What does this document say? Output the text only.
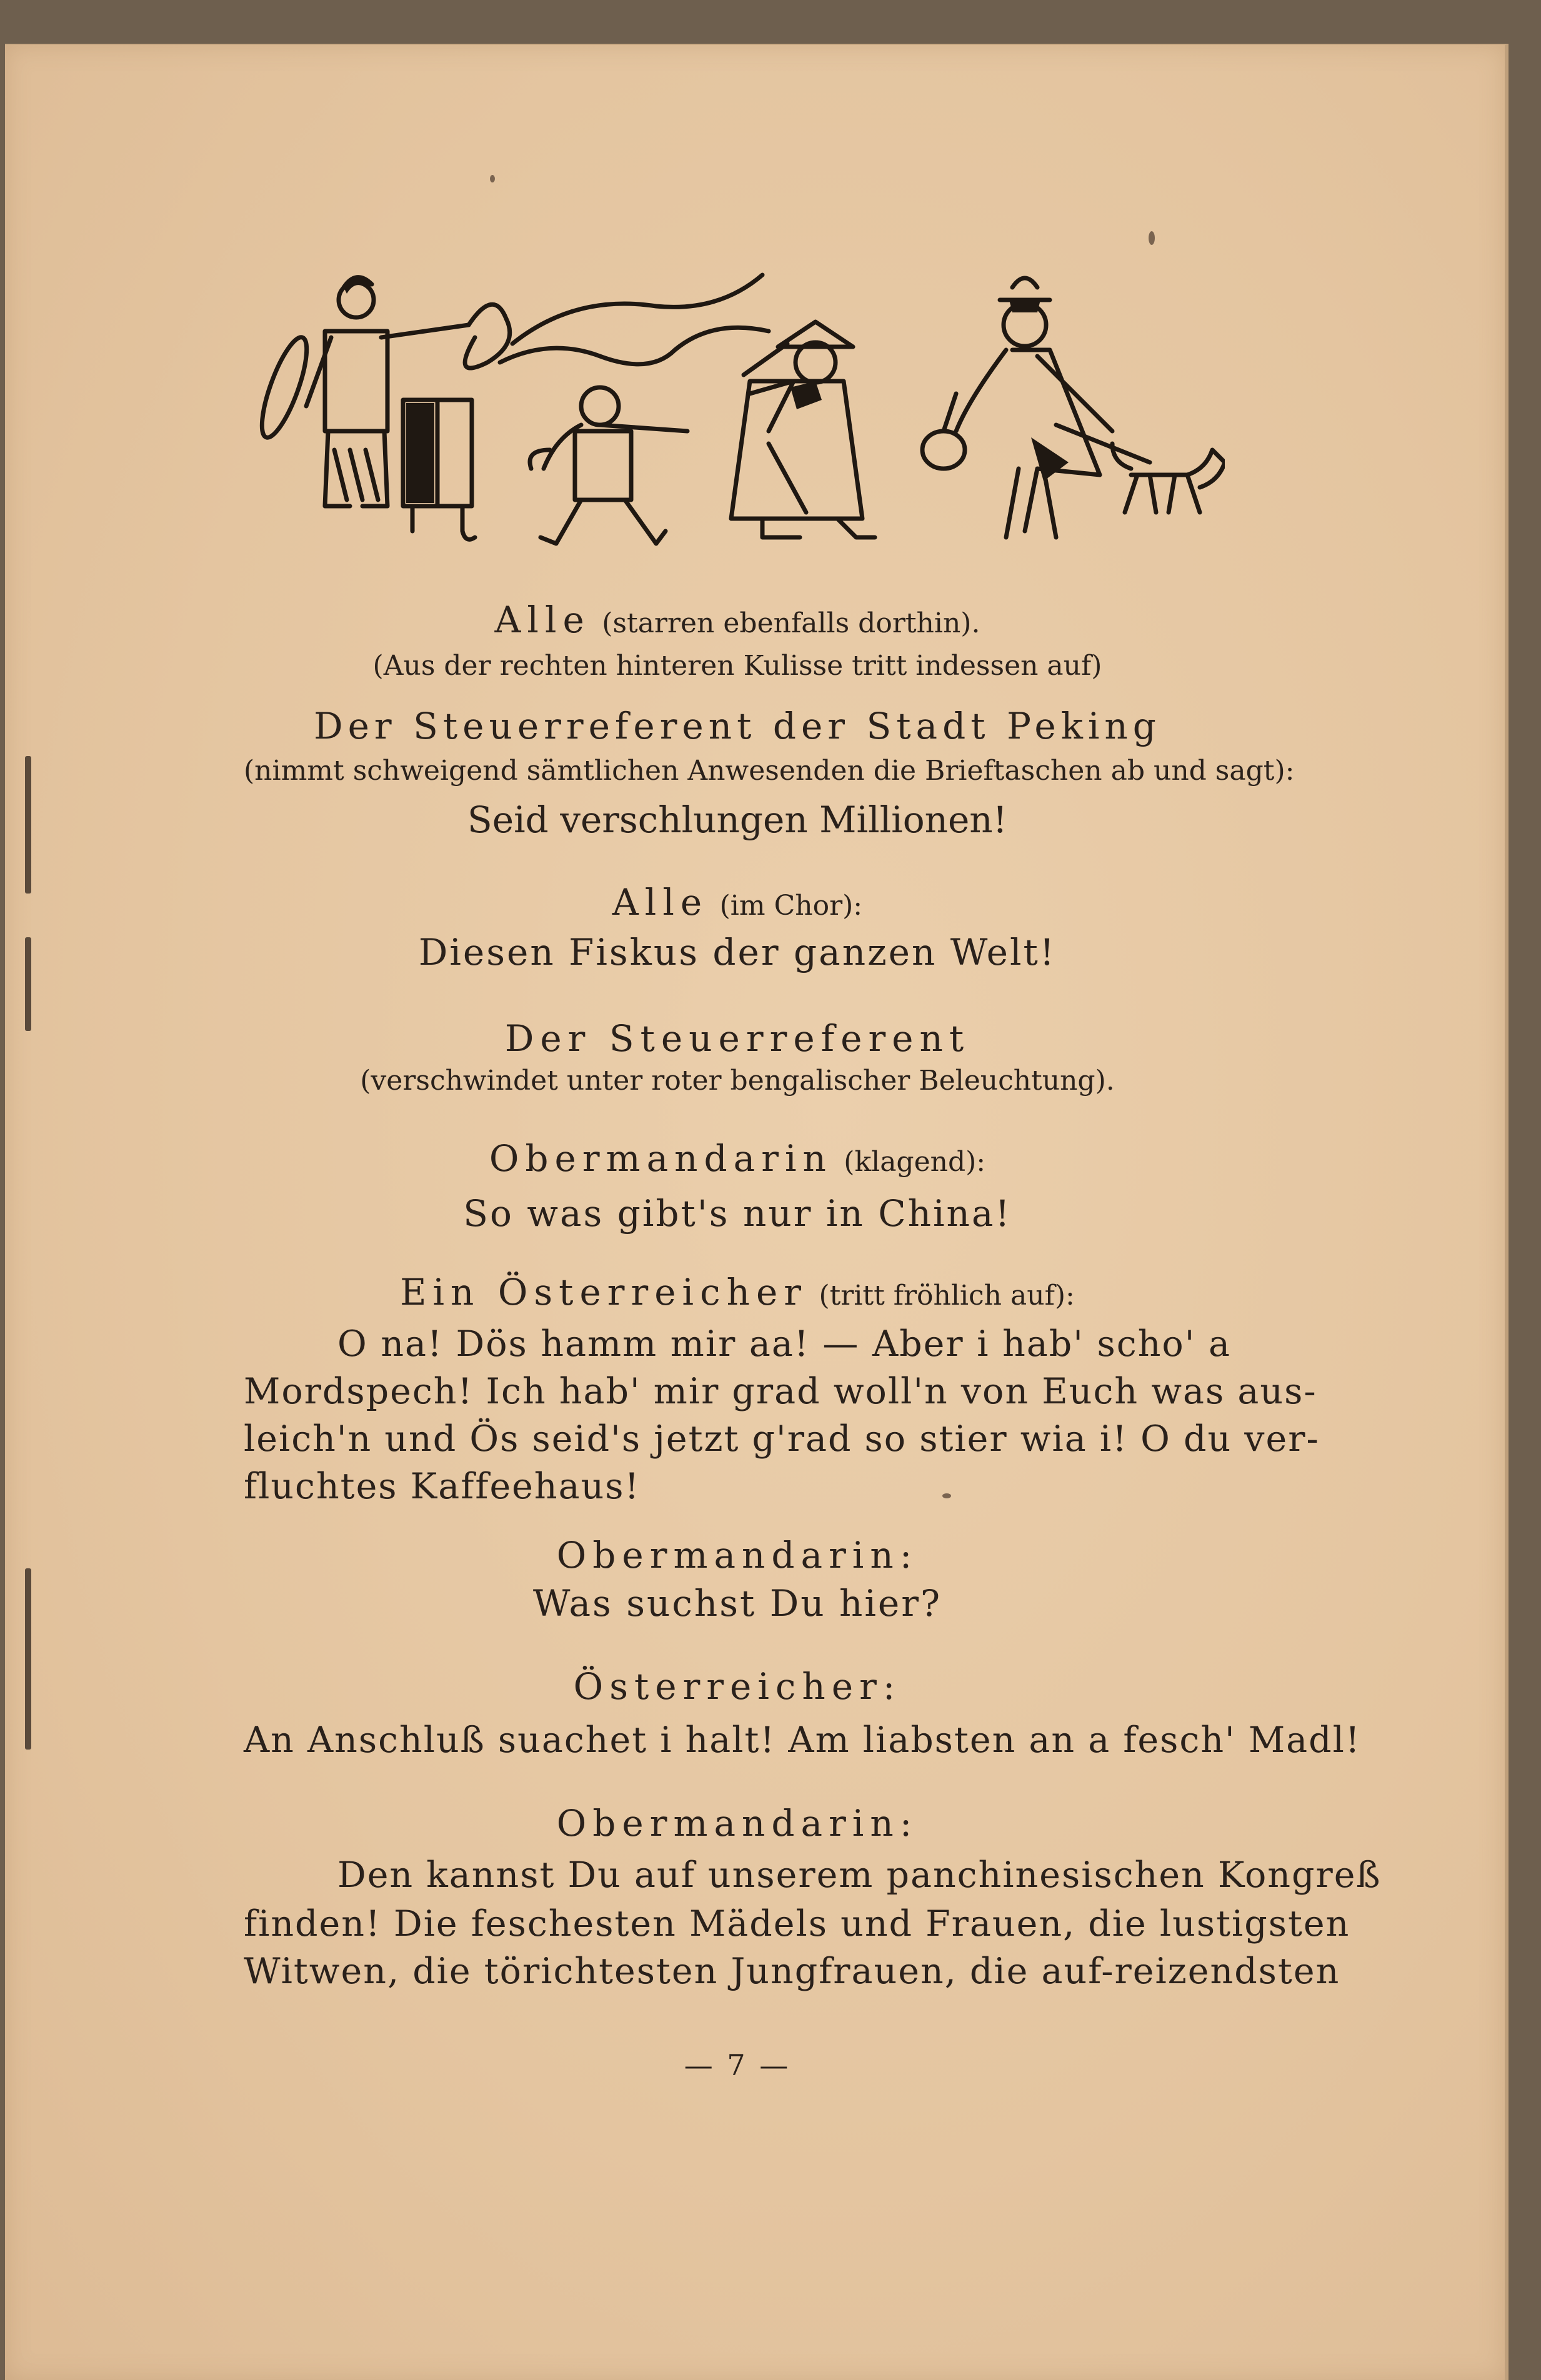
Alle (starren ebenfalls dorthin).
(Aus der rechten hinteren Kulisse tritt indessen auf)
Der Steuerreferent der Stadt Peking
(nimmt schweigend sämtlichen Anwesenden die Brieftaschen ab und sagt):
Seid verschlungen Millionen!
Alle (im Chor):
Diesen Fiskus der ganzen Welt!
Der Steuerreferent
(verschwindet unter roter bengalischer Beleuchtung).
Obermandarin (klagend):
So was gibt's nur in China!
Ein Österreicher (tritt fröhlich auf):
O na! Dös hamm mir aa! — Aber i hab' scho' a
Mordspech! Ich hab' mir grad woll'n von Euch was aus-
leich'n und Ös seid's jetzt g'rad so stier wia i! O du ver-
fluchtes Kaffeehaus!
Obermandarin:
Was suchst Du hier?
Österreicher:
An Anschluß suachet i halt! Am liabsten an a fesch' Madl!
Obermandarin:
Den kannst Du auf unserem panchinesischen Kongreß
finden! Die feschesten Mädels und Frauen, die lustigsten
Witwen, die törichtesten Jungfrauen, die auf-reizendsten
— 7 —
